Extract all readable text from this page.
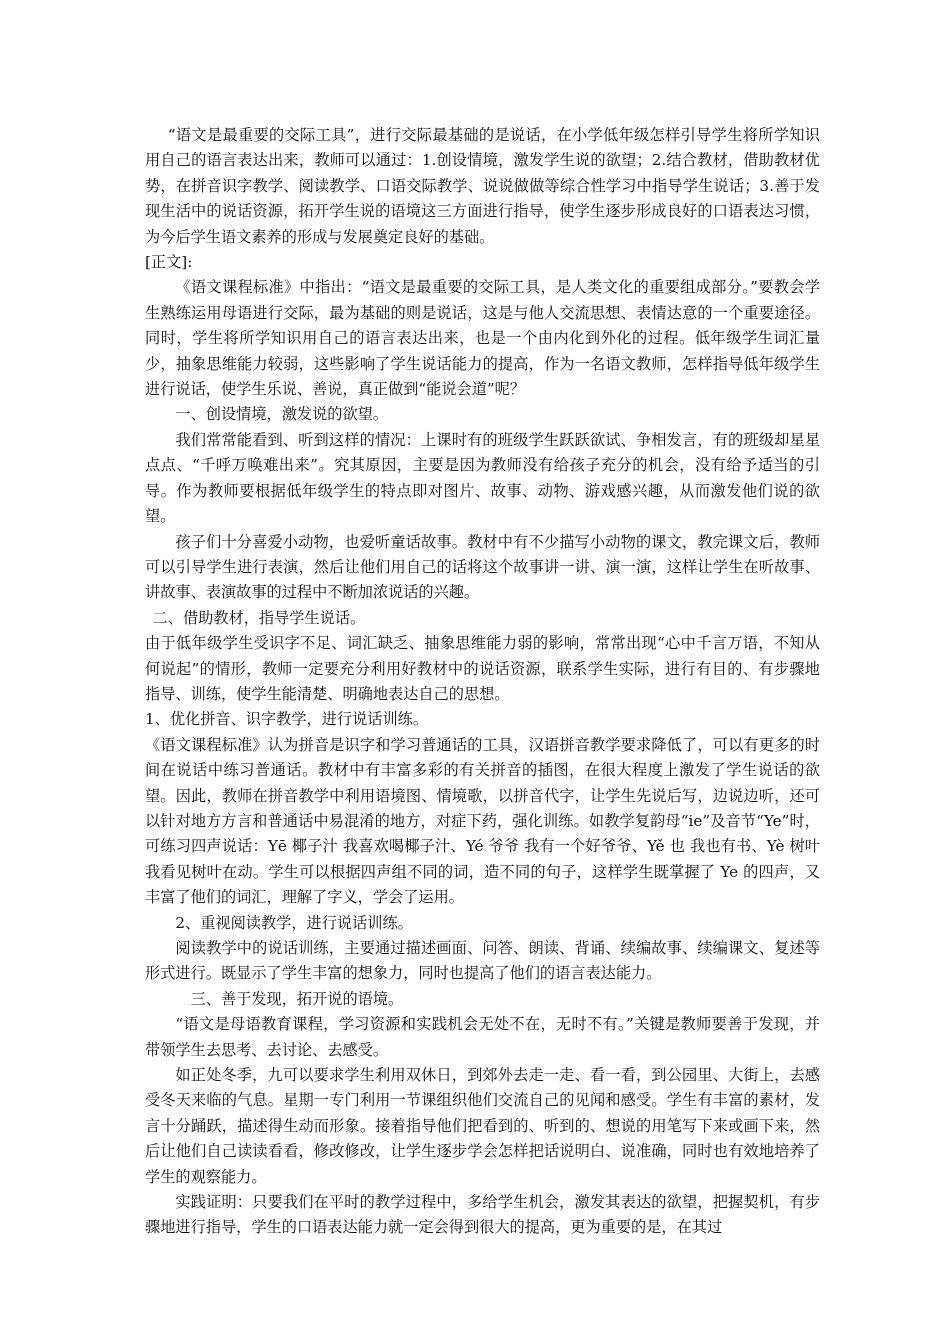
“语文是最重要的交际工具”，进行交际最基础的是说话，在小学低年级怎样引导学生将所学知识用自己的语言表达出来，教师可以通过：1.创设情境，激发学生说的欲望；2.结合教材，借助教材优势，在拼音识字教学、阅读教学、口语交际教学、说说做做等综合性学习中指导学生说话；3.善于发现生活中的说话资源，拓开学生说的语境这三方面进行指导，使学生逐步形成良好的口语表达习惯，为今后学生语文素养的形成与发展奠定良好的基础。

[正文]:

《语文课程标准》中指出：“语文是最重要的交际工具，是人类文化的重要组成部分。”要教会学生熟练运用母语进行交际，最为基础的则是说话，这是与他人交流思想、表情达意的一个重要途径。同时，学生将所学知识用自己的语言表达出来，也是一个由内化到外化的过程。低年级学生词汇量少，抽象思维能力较弱，这些影响了学生说话能力的提高，作为一名语文教师，怎样指导低年级学生进行说话，使学生乐说、善说，真正做到“能说会道”呢？

一、创设情境，激发说的欲望。

我们常常能看到、听到这样的情况：上课时有的班级学生跃跃欲试、争相发言，有的班级却星星点点、“千呼万唤难出来”。究其原因，主要是因为教师没有给孩子充分的机会，没有给予适当的引导。作为教师要根据低年级学生的特点即对图片、故事、动物、游戏感兴趣，从而激发他们说的欲望。

孩子们十分喜爱小动物，也爱听童话故事。教材中有不少描写小动物的课文，教完课文后，教师可以引导学生进行表演，然后让他们用自己的话将这个故事讲一讲、演一演，这样让学生在听故事、讲故事、表演故事的过程中不断加浓说话的兴趣。

二、借助教材，指导学生说话。

由于低年级学生受识字不足、词汇缺乏、抽象思维能力弱的影响，常常出现“心中千言万语，不知从何说起”的情形，教师一定要充分利用好教材中的说话资源，联系学生实际，进行有目的、有步骤地指导、训练，使学生能清楚、明确地表达自己的思想。

1、优化拼音、识字教学，进行说话训练。

《语文课程标准》认为拼音是识字和学习普通话的工具，汉语拼音教学要求降低了，可以有更多的时间在说话中练习普通话。教材中有丰富多彩的有关拼音的插图，在很大程度上激发了学生说话的欲望。因此，教师在拼音教学中利用语境图、情境歌，以拼音代字，让学生先说后写，边说边听，还可以针对地方方言和普通话中易混淆的地方，对症下药，强化训练。如教学复韵母“ie”及音节“Ye”时，可练习四声说话：Yē 椰子汁 我喜欢喝椰子汁、Yé 爷爷 我有一个好爷爷、Yě 也 我也有书、Yè 树叶 我看见树叶在动。学生可以根据四声组不同的词，造不同的句子，这样学生既掌握了 Ye 的四声，又丰富了他们的词汇，理解了字义，学会了运用。

2、重视阅读教学，进行说话训练。

阅读教学中的说话训练，主要通过描述画面、问答、朗读、背诵、续编故事、续编课文、复述等形式进行。既显示了学生丰富的想象力，同时也提高了他们的语言表达能力。

三、善于发现，拓开说的语境。

“语文是母语教育课程，学习资源和实践机会无处不在，无时不有。”关键是教师要善于发现，并带领学生去思考、去讨论、去感受。

如正处冬季，九可以要求学生利用双休日，到郊外去走一走、看一看，到公园里、大街上，去感受冬天来临的气息。星期一专门利用一节课组织他们交流自己的见闻和感受。学生有丰富的素材，发言十分踊跃，描述得生动而形象。接着指导他们把看到的、听到的、想说的用笔写下来或画下来，然后让他们自己读读看看，修改修改，让学生逐步学会怎样把话说明白、说准确，同时也有效地培养了学生的观察能力。

实践证明：只要我们在平时的教学过程中，多给学生机会，激发其表达的欲望，把握契机，有步骤地进行指导，学生的口语表达能力就一定会得到很大的提高，更为重要的是，在其过
